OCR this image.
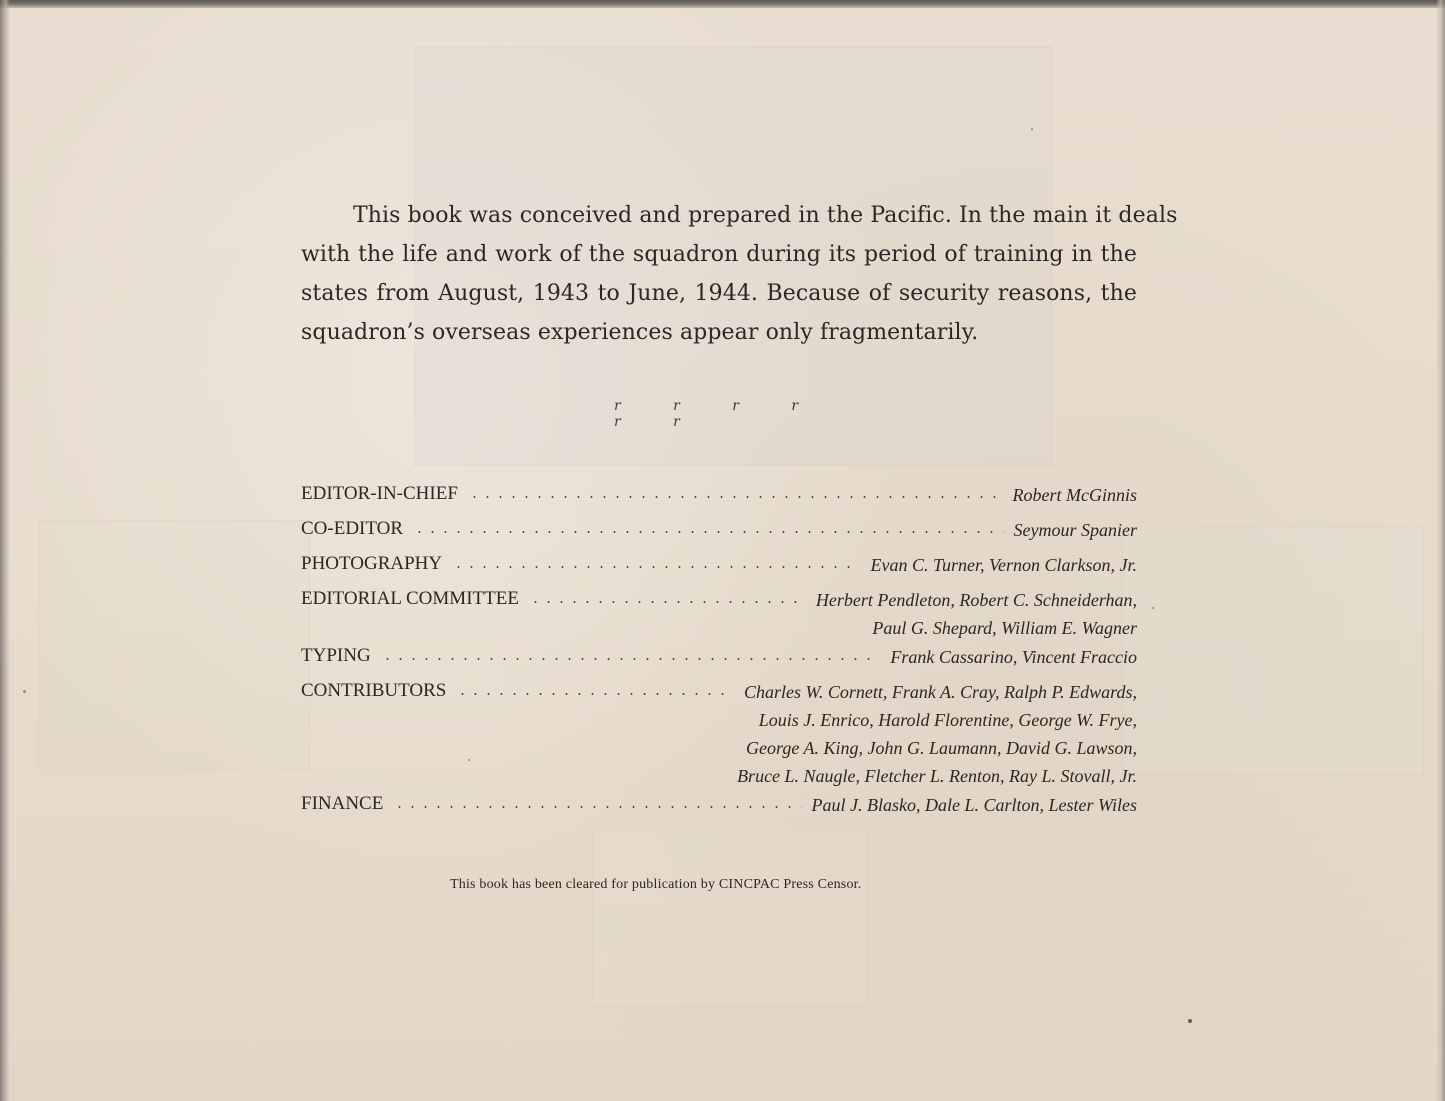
This book was conceived and prepared in the Pacific. In the main it deals
with the life and work of the squadron during its period of training in the
states from August, 1943 to June, 1944. Because of security reasons, the
squadron’s overseas experiences appear only fragmentarily.
r r r r r r
EDITOR-IN-CHIEF	Robert McGinnis
CO-EDITOR	Seymour Spanier
PHOTOGRAPHY	Evan C. Turner, Vernon Clarkson, Jr.
EDITORIAL COMMITTEE	Herbert Pendleton, Robert C. Schneiderhan,
Paul G. Shepard, William E. Wagner
TYPING	Frank Cassarino, Vincent Fraccio
CONTRIBUTORS	Charles W. Cornett, Frank A. Cray, Ralph P. Edwards,
Louis J. Enrico, Harold Florentine, George W. Frye,
George A. King, John G. Laumann, David G. Lawson,
Bruce L. Naugle, Fletcher L. Renton, Ray L. Stovall, Jr.
FINANCE	Paul J. Blasko, Dale L. Carlton, Lester Wiles

This book has been cleared for publication by CINCPAC Press Censor.
